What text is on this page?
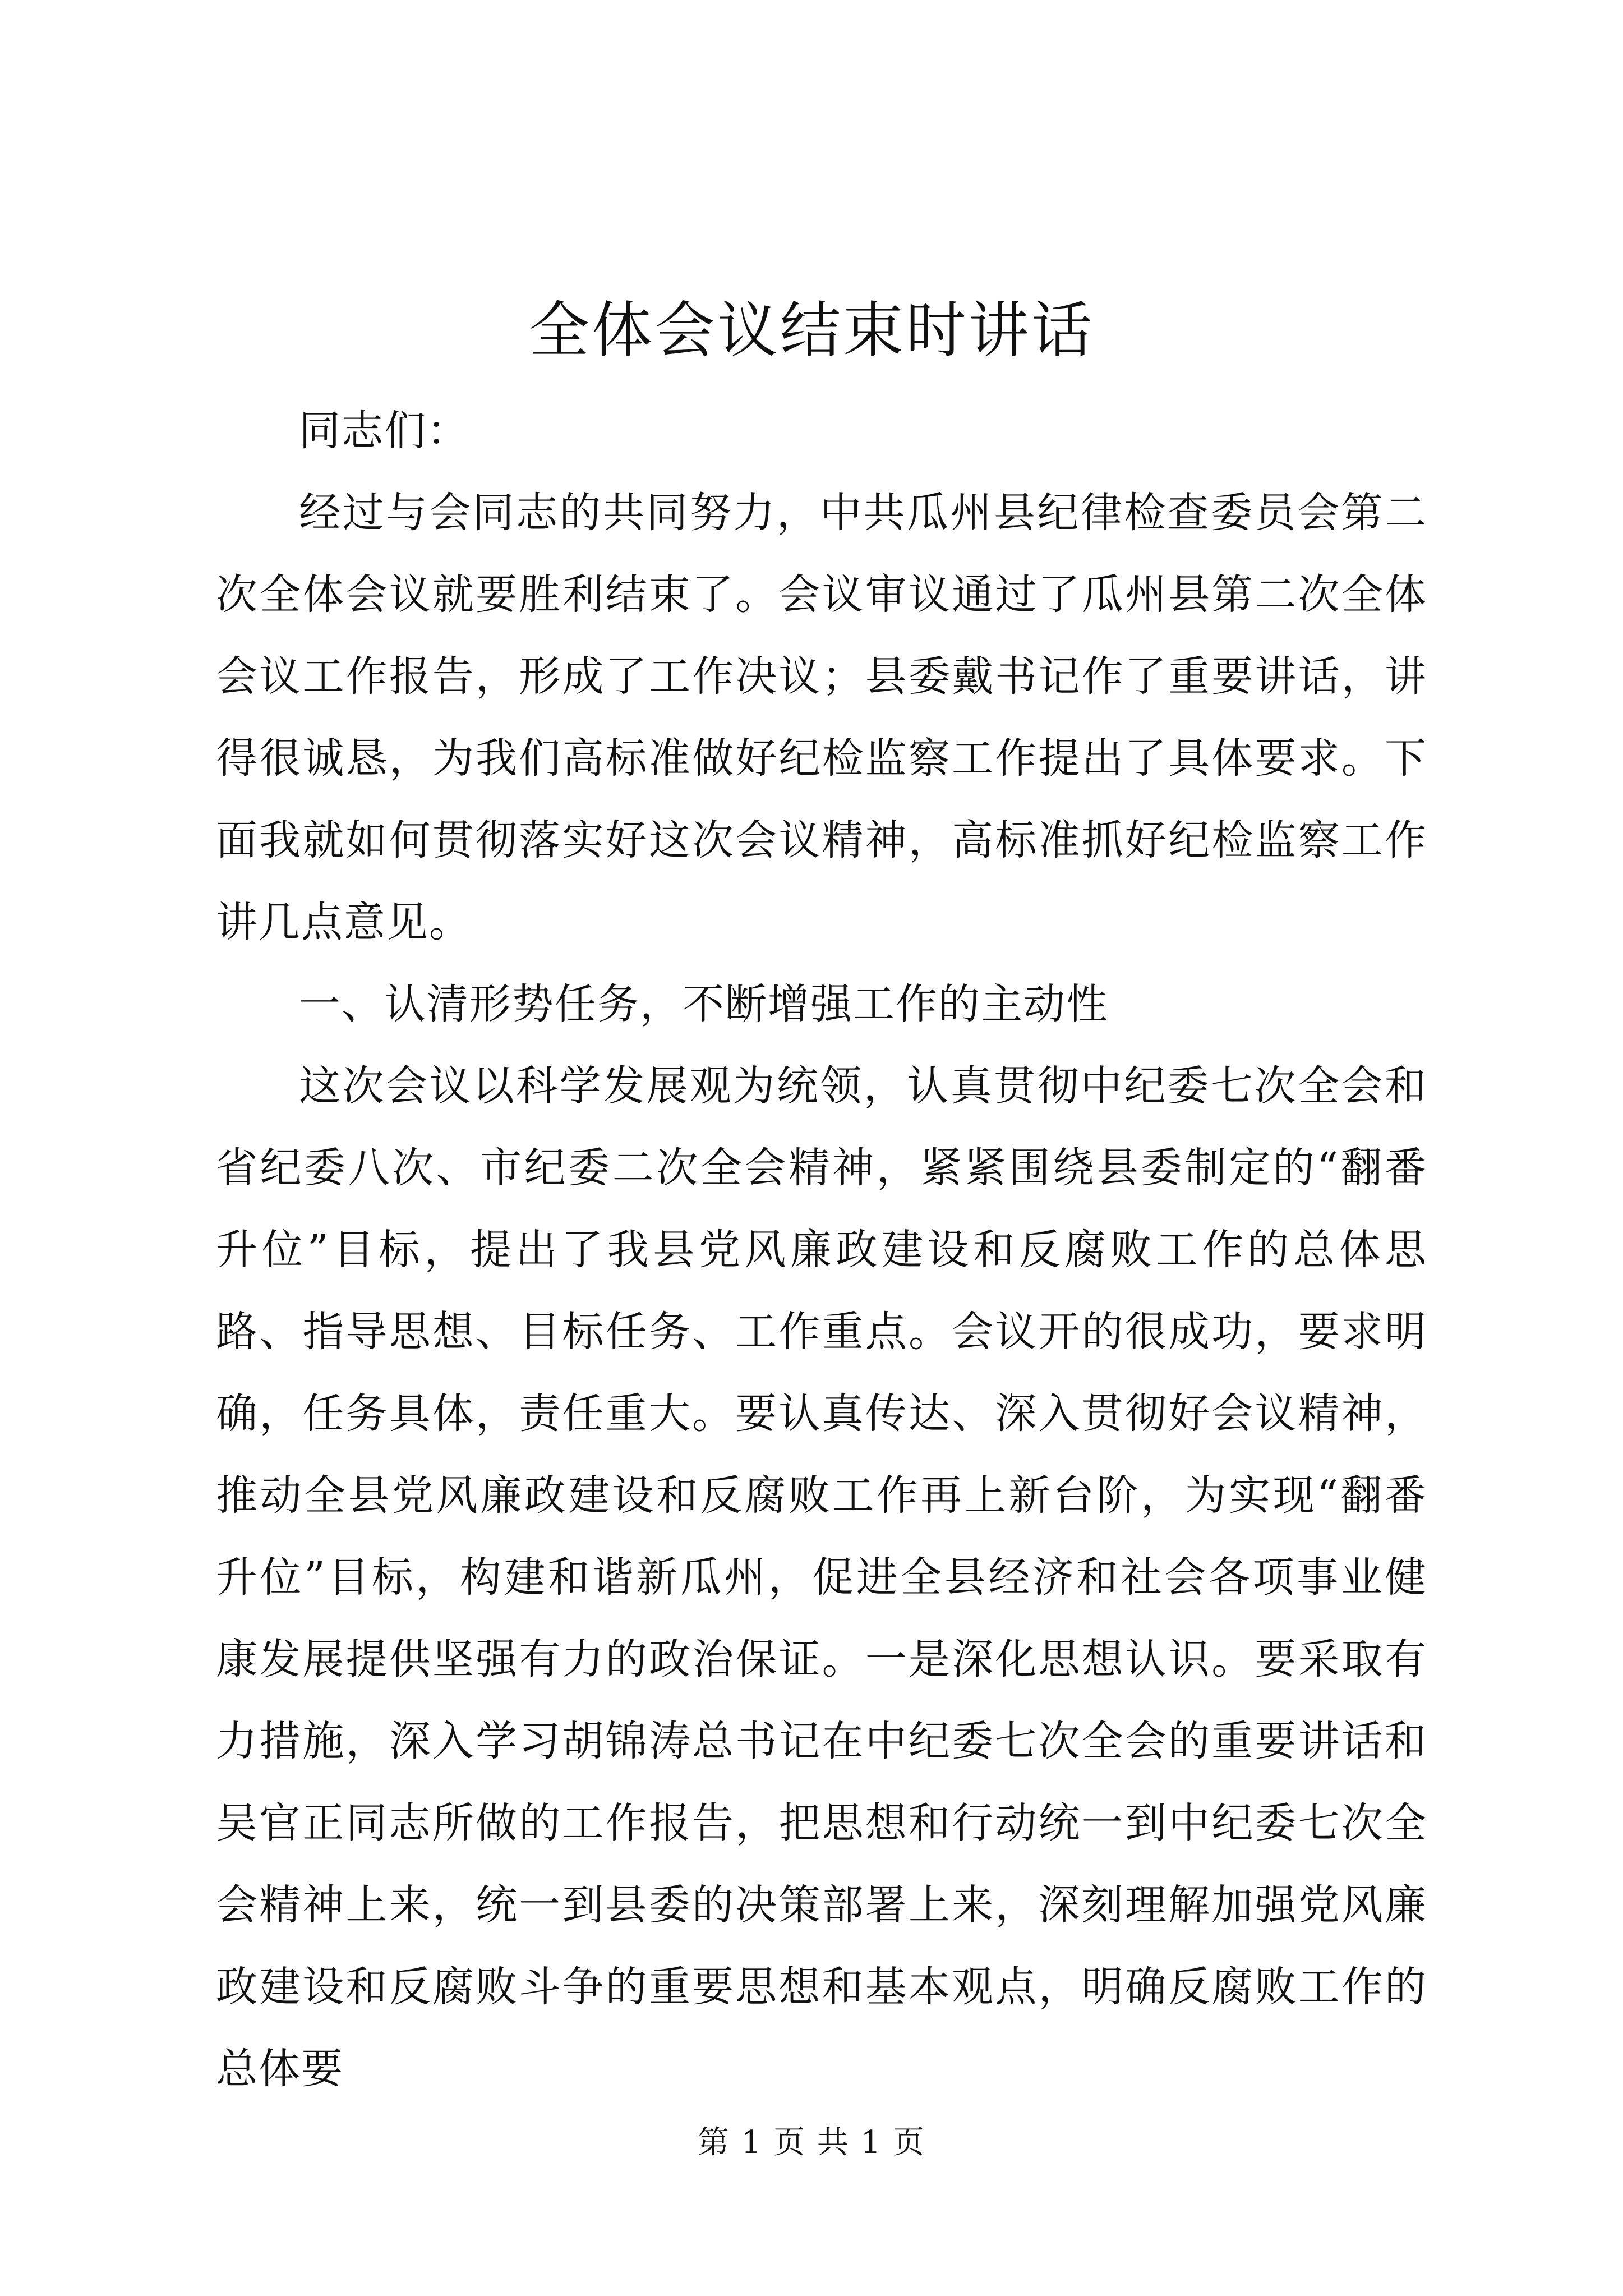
全体会议结束时讲话

同志们：

经过与会同志的共同努力，中共瓜州县纪律检查委员会第二次全体会议就要胜利结束了。会议审议通过了瓜州县第二次全体会议工作报告，形成了工作决议；县委戴书记作了重要讲话，讲得很诚恳，为我们高标准做好纪检监察工作提出了具体要求。下面我就如何贯彻落实好这次会议精神，高标准抓好纪检监察工作讲几点意见。

一、认清形势任务，不断增强工作的主动性

这次会议以科学发展观为统领，认真贯彻中纪委七次全会和省纪委八次、市纪委二次全会精神，紧紧围绕县委制定的“翻番升位”目标，提出了我县党风廉政建设和反腐败工作的总体思路、指导思想、目标任务、工作重点。会议开的很成功，要求明确，任务具体，责任重大。要认真传达、深入贯彻好会议精神，推动全县党风廉政建设和反腐败工作再上新台阶，为实现“翻番升位”目标，构建和谐新瓜州，促进全县经济和社会各项事业健康发展提供坚强有力的政治保证。一是深化思想认识。要采取有力措施，深入学习胡锦涛总书记在中纪委七次全会的重要讲话和吴官正同志所做的工作报告，把思想和行动统一到中纪委七次全会精神上来，统一到县委的决策部署上来，深刻理解加强党风廉政建设和反腐败斗争的重要思想和基本观点，明确反腐败工作的总体要

第 1 页 共 1 页
